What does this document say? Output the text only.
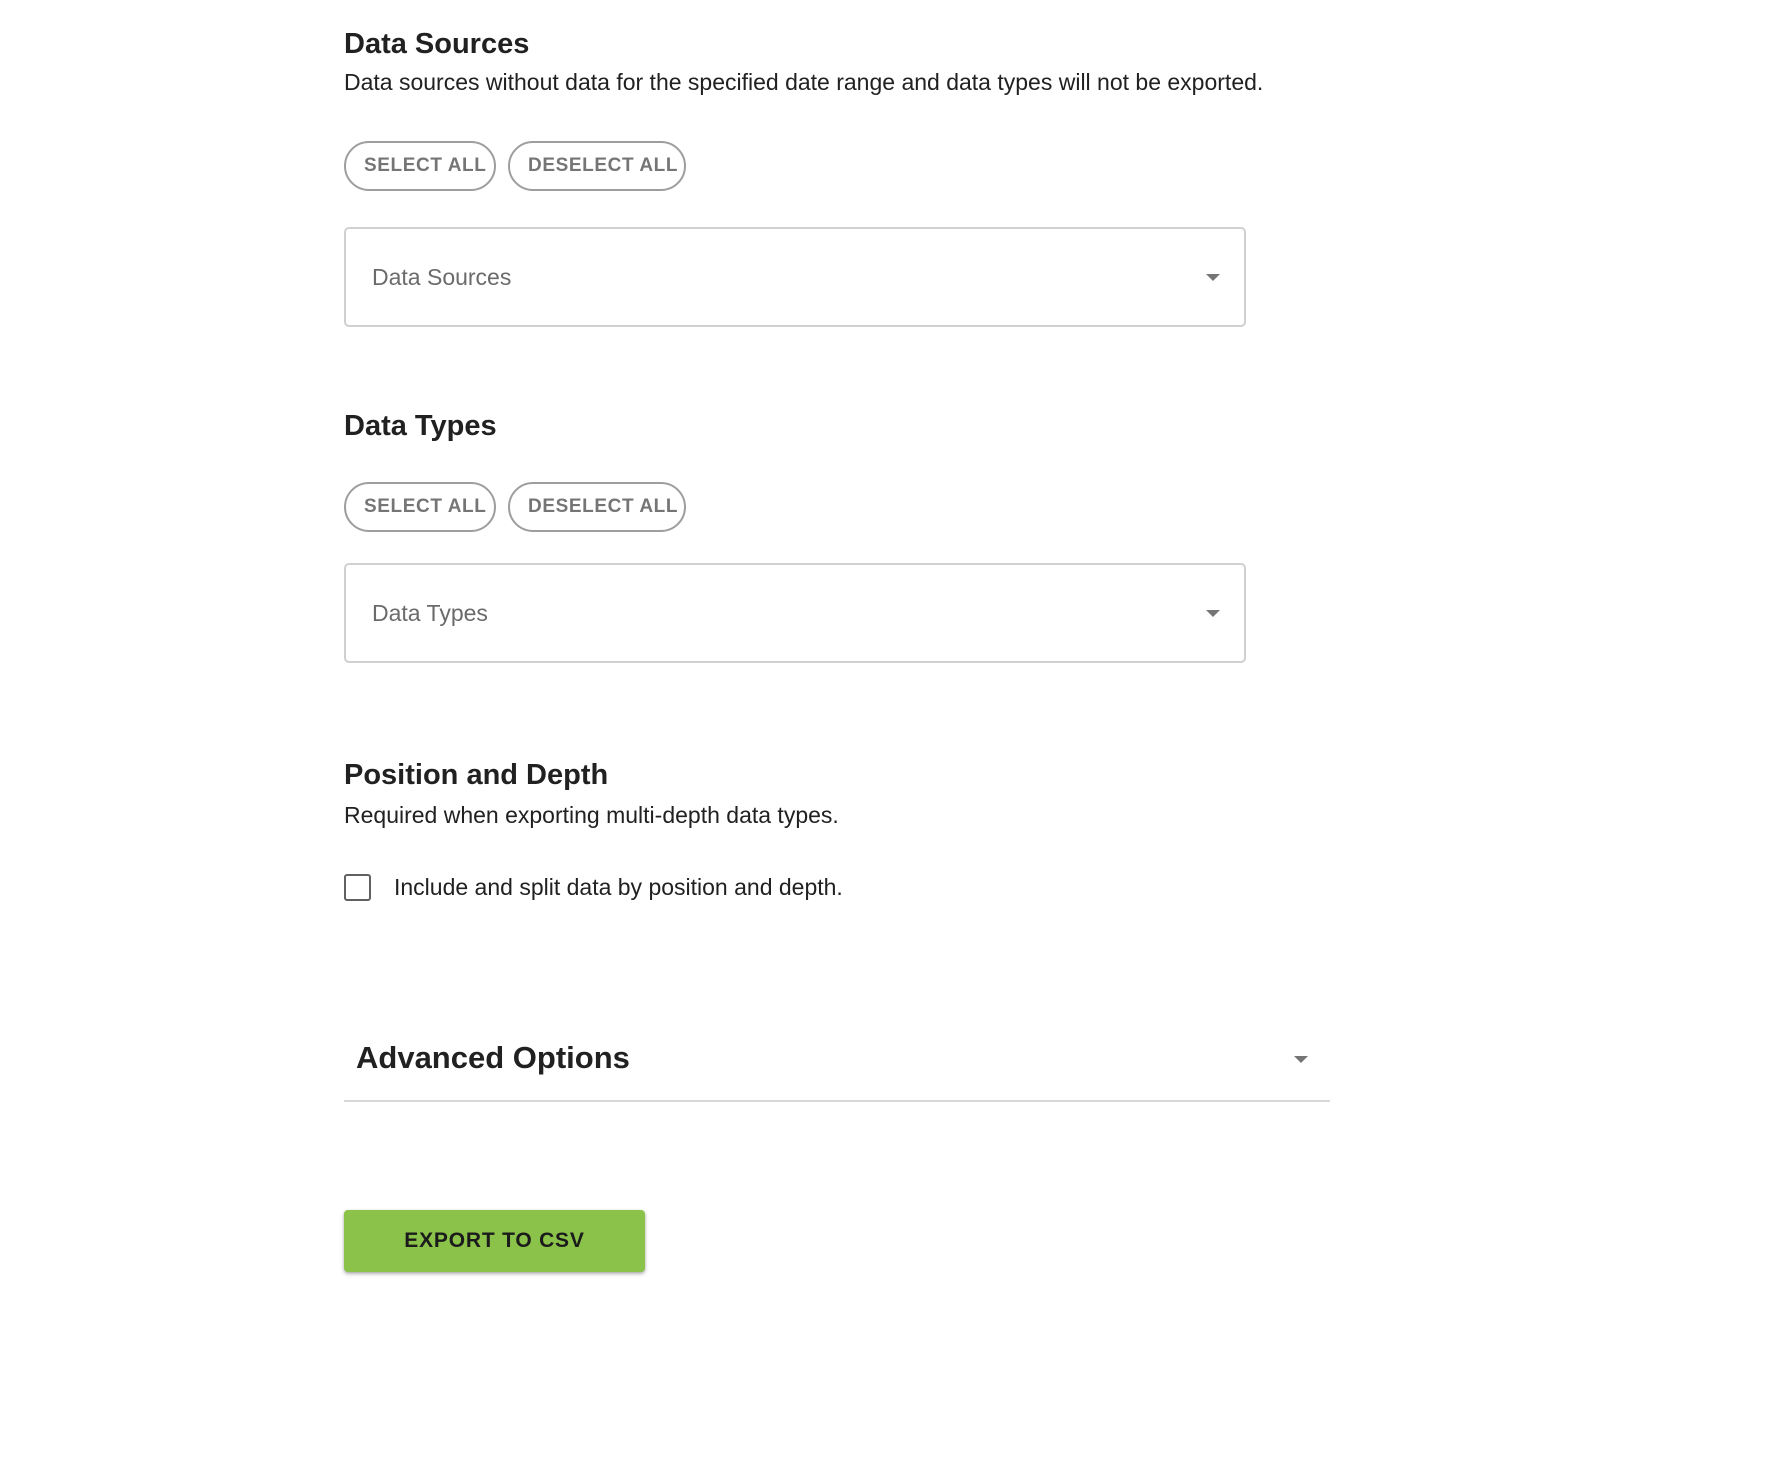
Data Sources

Data sources without data for the specified date range and data types will not be exported.

SELECT ALL	DESELECT ALL
Data Sources
Data Types
SELECT ALL	DESELECT ALL
Data Types
Position and Depth

Required when exporting multi-depth data types.

Include and split data by position and depth.
Advanced Options
EXPORT TO CSV
